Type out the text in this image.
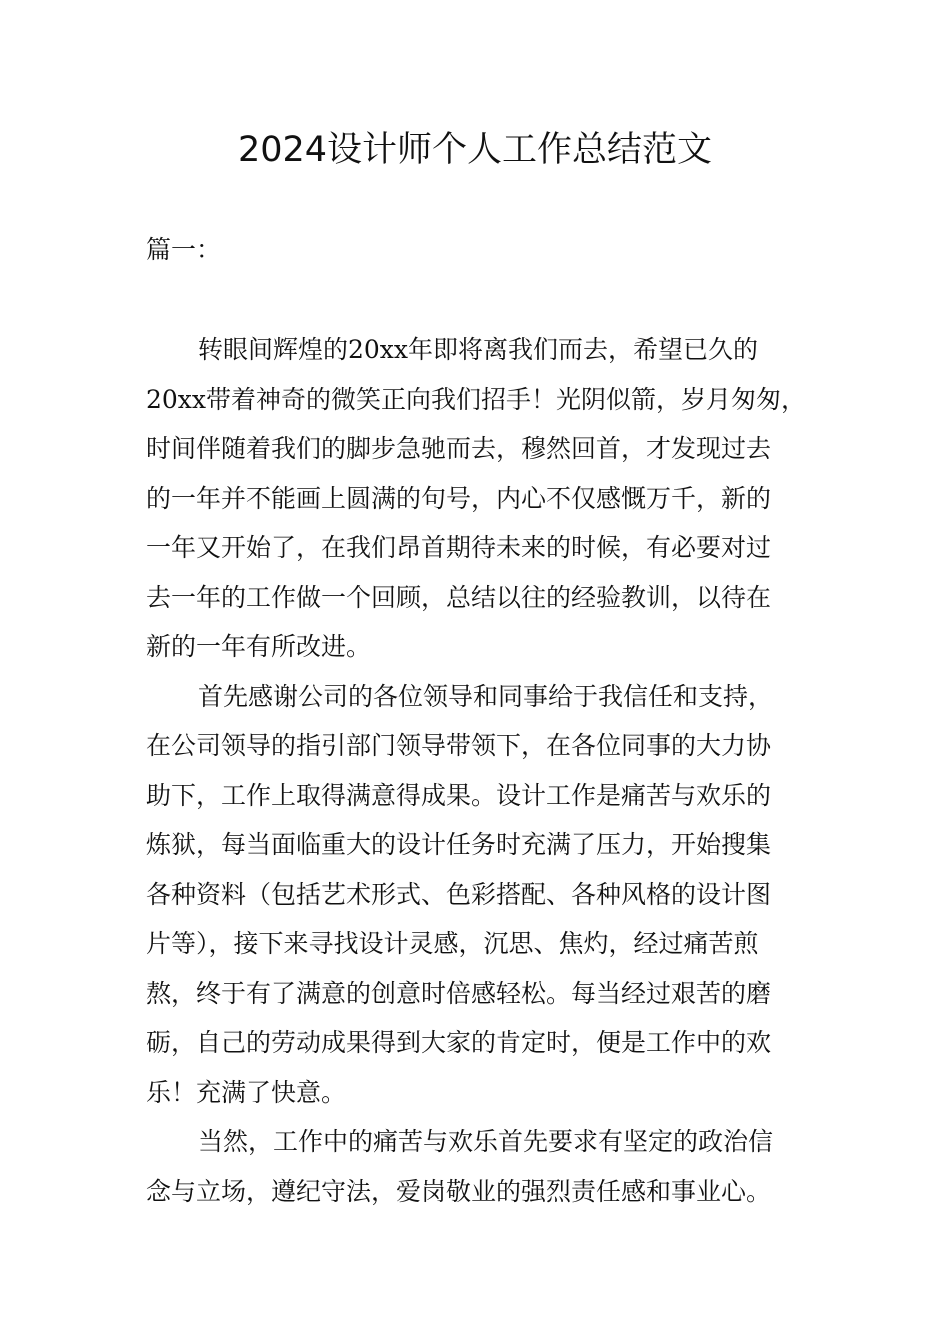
2024设计师个人工作总结范文

篇一：

转眼间辉煌的20xx年即将离我们而去，希望已久的
20xx带着神奇的微笑正向我们招手！光阴似箭，岁月匆匆，
时间伴随着我们的脚步急驰而去，穆然回首，才发现过去
的一年并不能画上圆满的句号，内心不仅感慨万千，新的
一年又开始了，在我们昂首期待未来的时候，有必要对过
去一年的工作做一个回顾，总结以往的经验教训，以待在
新的一年有所改进。
首先感谢公司的各位领导和同事给于我信任和支持，
在公司领导的指引部门领导带领下，在各位同事的大力协
助下，工作上取得满意得成果。设计工作是痛苦与欢乐的
炼狱，每当面临重大的设计任务时充满了压力，开始搜集
各种资料（包括艺术形式、色彩搭配、各种风格的设计图
片等），接下来寻找设计灵感，沉思、焦灼，经过痛苦煎
熬，终于有了满意的创意时倍感轻松。每当经过艰苦的磨
砺，自己的劳动成果得到大家的肯定时，便是工作中的欢
乐！充满了快意。
当然，工作中的痛苦与欢乐首先要求有坚定的政治信
念与立场，遵纪守法，爱岗敬业的强烈责任感和事业心。
